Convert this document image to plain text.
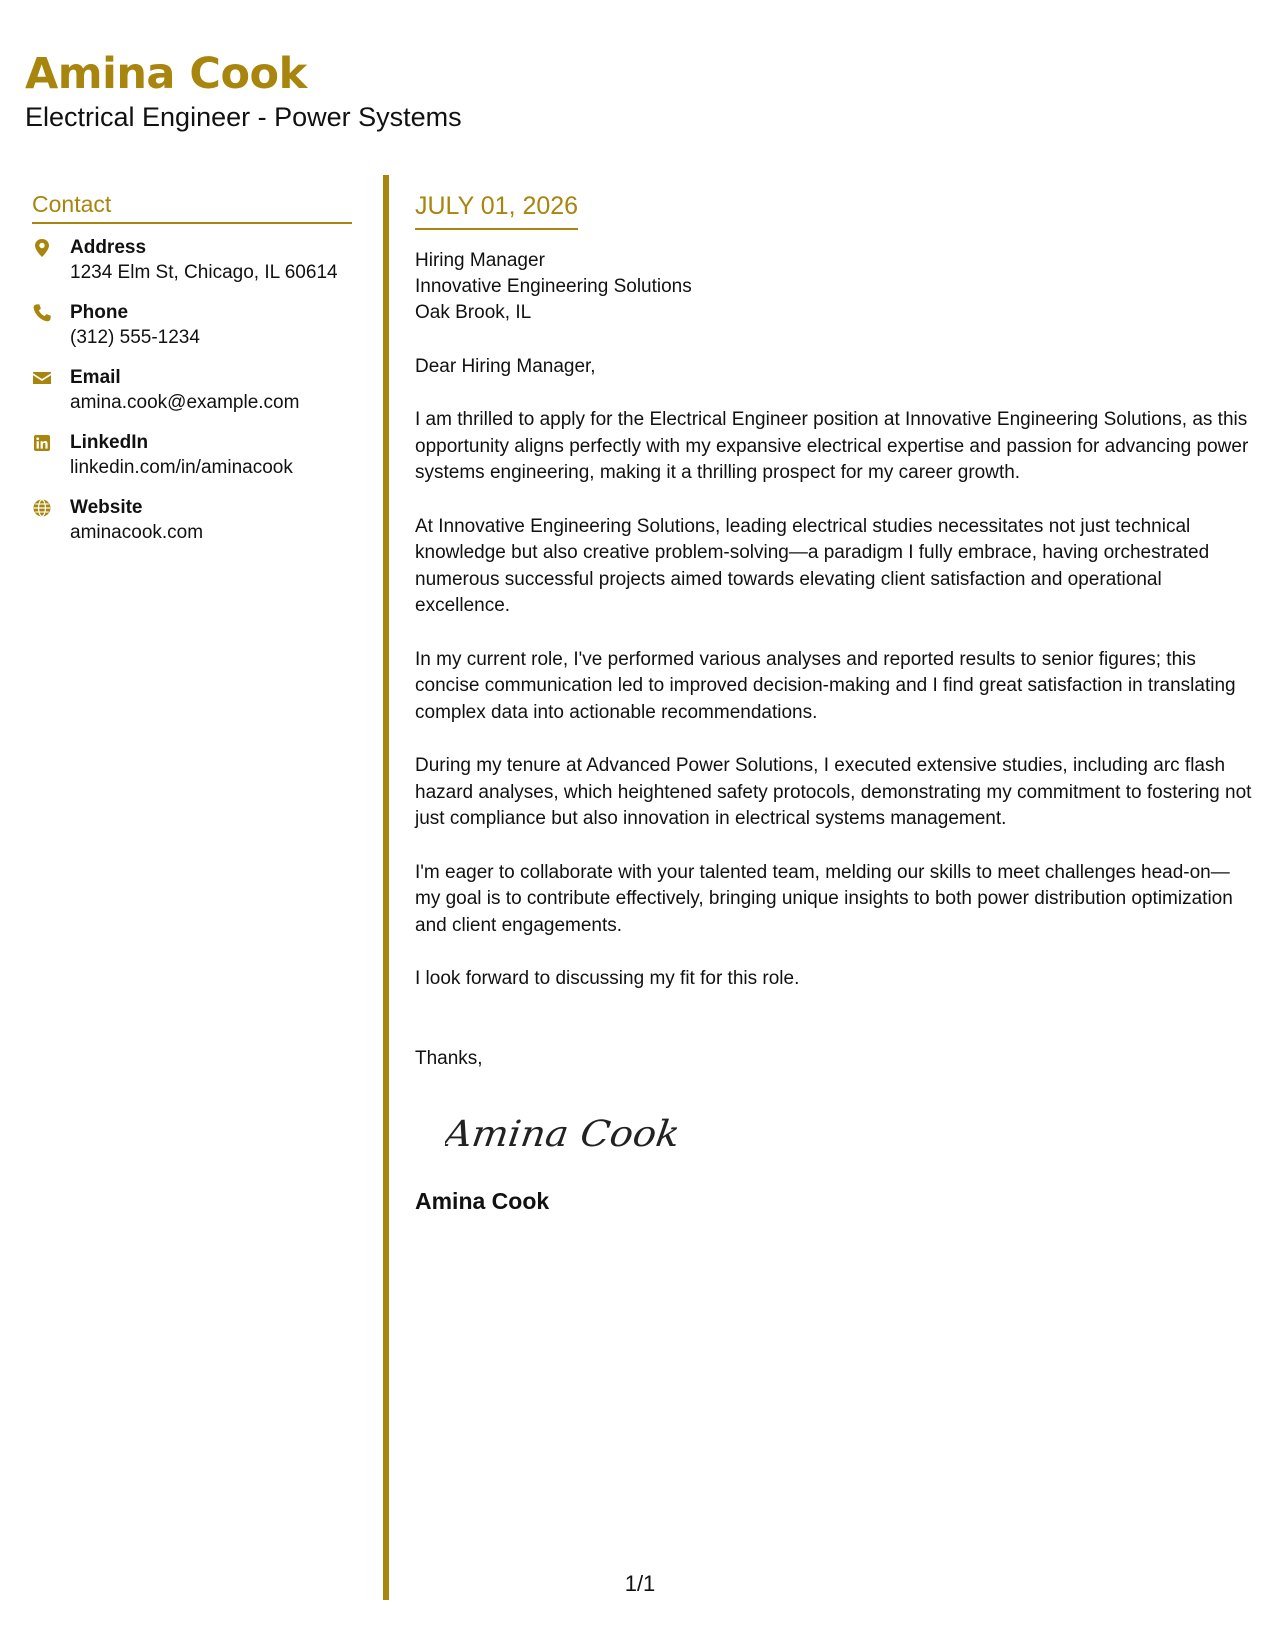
Amina Cook
Electrical Engineer - Power Systems
Contact
Address
1234 Elm St, Chicago, IL 60614
Phone
(312) 555-1234
Email
amina.cook@example.com
LinkedIn
linkedin.com/in/aminacook
Website
aminacook.com
JULY 01, 2026
Hiring Manager
Innovative Engineering Solutions
Oak Brook, IL
Dear Hiring Manager,

I am thrilled to apply for the Electrical Engineer position at Innovative Engineering Solutions, as this opportunity aligns perfectly with my expansive electrical expertise and passion for advancing power systems engineering, making it a thrilling prospect for my career growth.

At Innovative Engineering Solutions, leading electrical studies necessitates not just technical knowledge but also creative problem-solving—a paradigm I fully embrace, having orchestrated numerous successful projects aimed towards elevating client satisfaction and operational excellence.

In my current role, I've performed various analyses and reported results to senior figures; this concise communication led to improved decision-making and I find great satisfaction in translating complex data into actionable recommendations.

During my tenure at Advanced Power Solutions, I executed extensive studies, including arc flash hazard analyses, which heightened safety protocols, demonstrating my commitment to fostering not just compliance but also innovation in electrical systems management.

I'm eager to collaborate with your talented team, melding our skills to meet challenges head-on—my goal is to contribute effectively, bringing unique insights to both power distribution optimization and client engagements.

I look forward to discussing my fit for this role.

Thanks,
Amina Cook
Amina Cook
1/1
